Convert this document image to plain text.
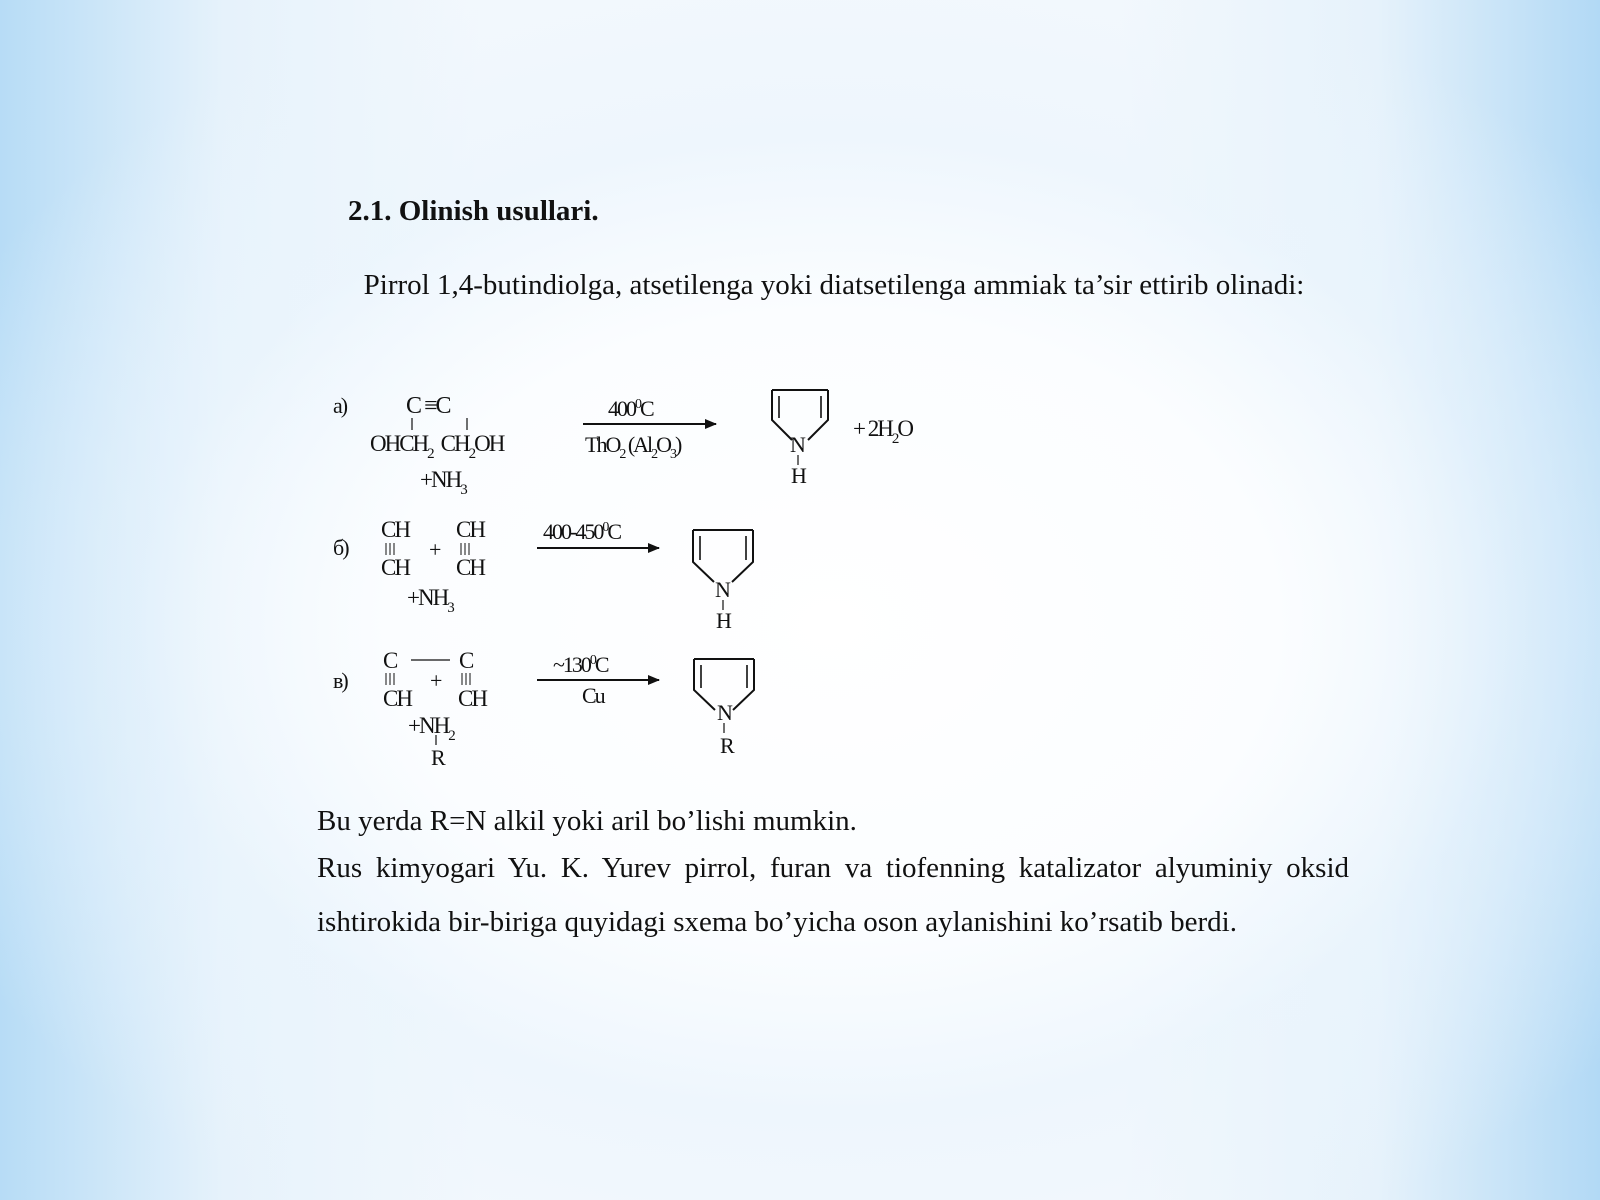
2.1. Olinish usullari.
Pirrol 1,4-butindiolga, atsetilenga yoki diatsetilenga ammiak ta’sir ettirib olinadi:
а) C ≡C
$OHCH_2$ $CH_2OH$
$+NH_3$
$400^0C$
ThO$_2$ $(Al_2O_3)$	N
H
+ $2H_2O$
б)
CH CH
+
CH CH
$+NH_3$
$400-450^0C$
N
H
в)
C	C
+
CH CH
$+NH_2$
R
$\sim 130^0C$
Cu
N
R
Bu yerda R=N alkil yoki aril bo’lishi mumkin.
Rus kimyogari Yu. K. Yurev pirrol, furan va tiofenning katalizator alyuminiy oksid ishtirokida bir-biriga quyidagi sxema bo’yicha oson aylanishini ko’rsatib berdi.
